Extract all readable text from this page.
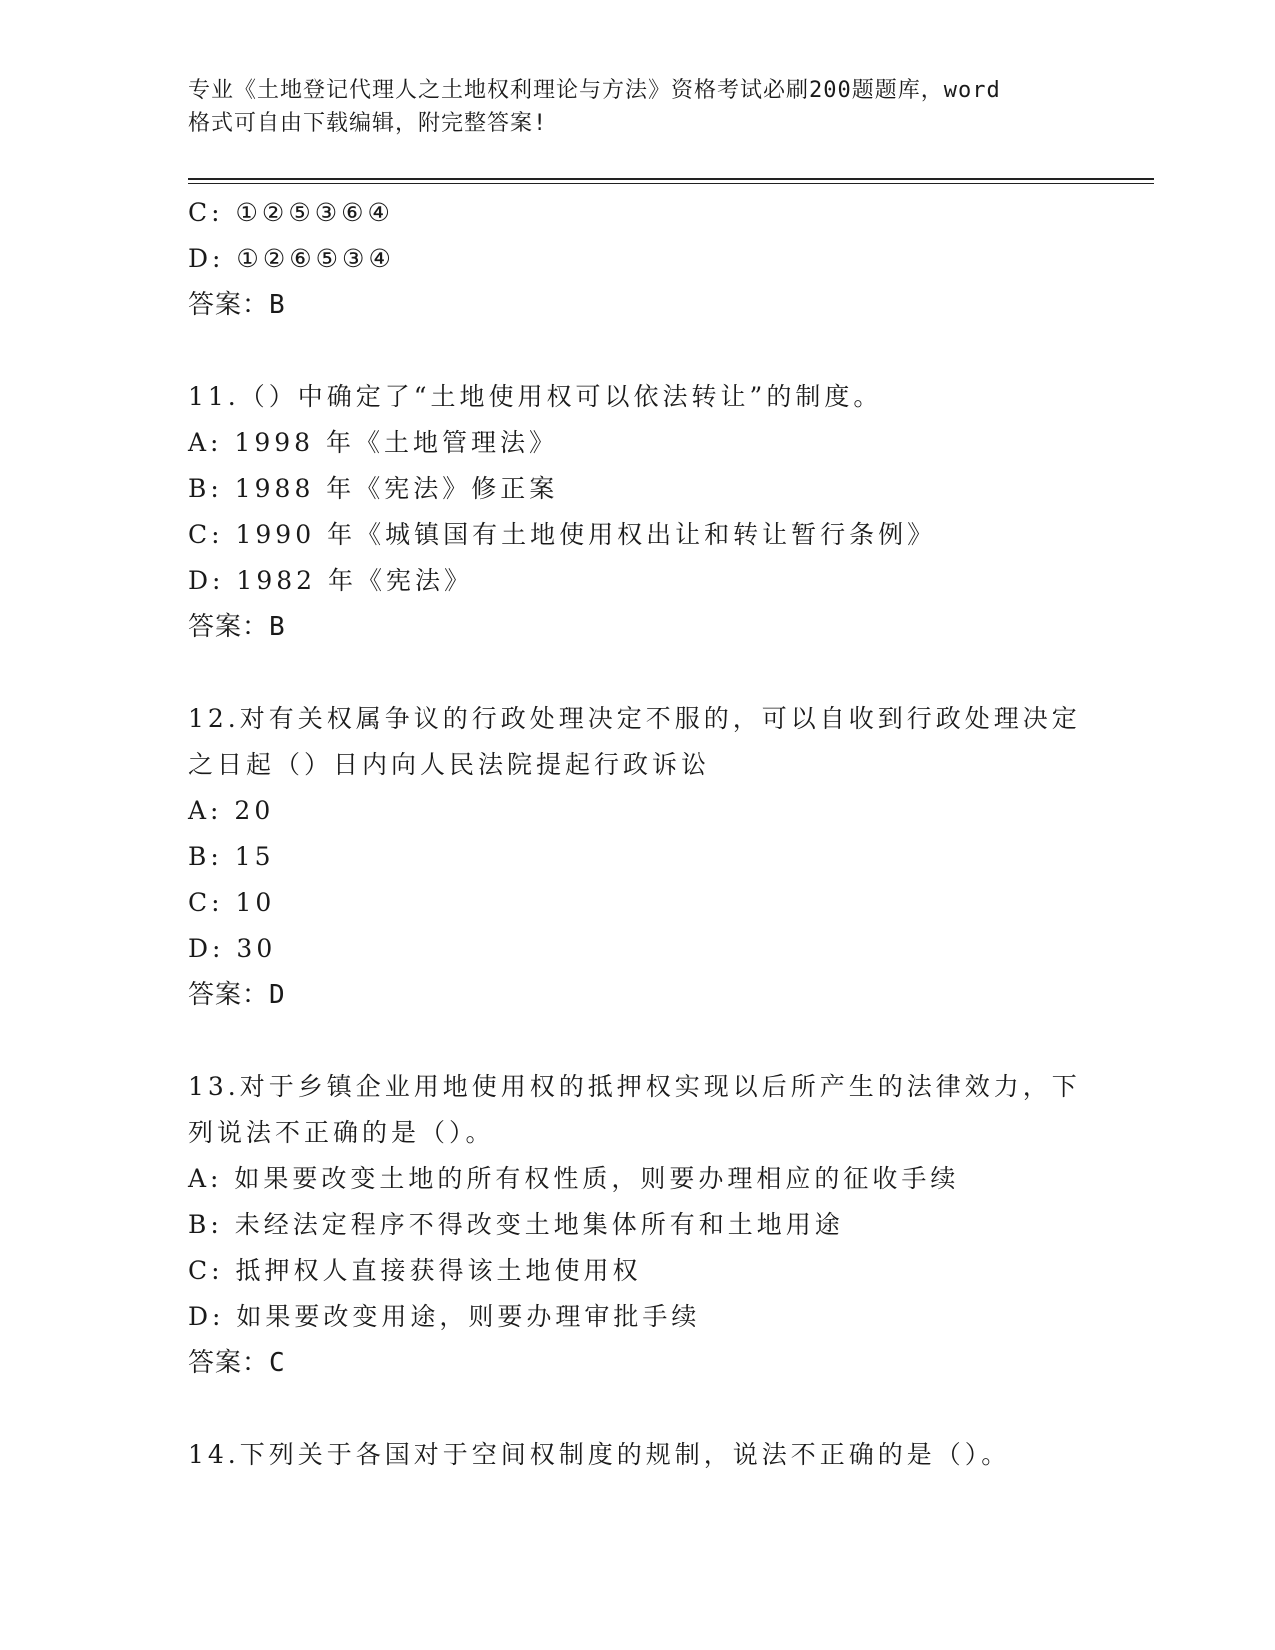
专业《土地登记代理人之土地权利理论与方法》资格考试必刷200题题库，word
格式可自由下载编辑，附完整答案!
C: ①②⑤③⑥④
D: ①②⑥⑤③④
答案：B
11.（）中确定了“土地使用权可以依法转让”的制度。
A: 1998 年《土地管理法》
B: 1988 年《宪法》修正案
C: 1990 年《城镇国有土地使用权出让和转让暂行条例》
D: 1982 年《宪法》
答案：B
12.对有关权属争议的行政处理决定不服的，可以自收到行政处理决定
之日起（）日内向人民法院提起行政诉讼
A: 20
B: 15
C: 10
D: 30
答案：D
13.对于乡镇企业用地使用权的抵押权实现以后所产生的法律效力，下
列说法不正确的是（）。
A: 如果要改变土地的所有权性质，则要办理相应的征收手续
B: 未经法定程序不得改变土地集体所有和土地用途
C: 抵押权人直接获得该土地使用权
D: 如果要改变用途，则要办理审批手续
答案：C
14.下列关于各国对于空间权制度的规制，说法不正确的是（）。
